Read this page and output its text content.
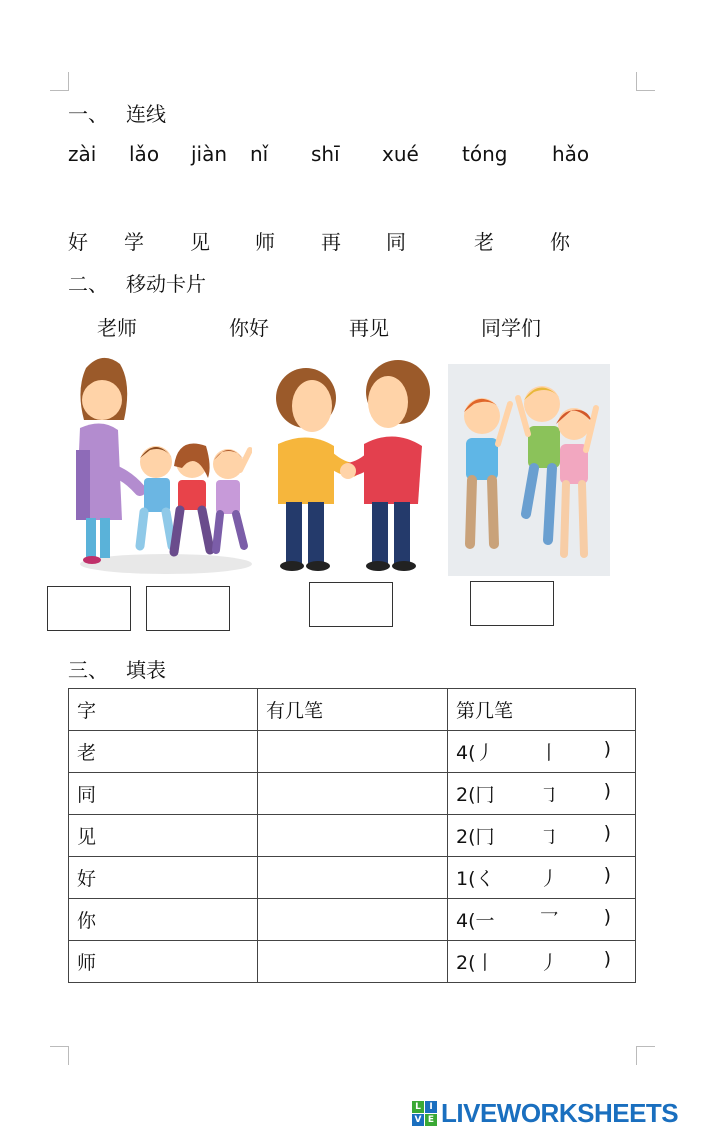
一、 连线
zài lǎo jiàn nǐ shī xué tóng hǎo
好 学 见 师 再 同	老	你
二、 移动卡片
老师	你好	再见	同学们
三、 填表
字	有几笔	第几笔
老		4(丿 丨 )

同		2(冂 ㇆ )

见		2(冂 ㇆ )

好		1(く 丿 )

你		4(一 乛 )

师		2(丨 丿 )
L I
V E LIVEWORKSHEETS
